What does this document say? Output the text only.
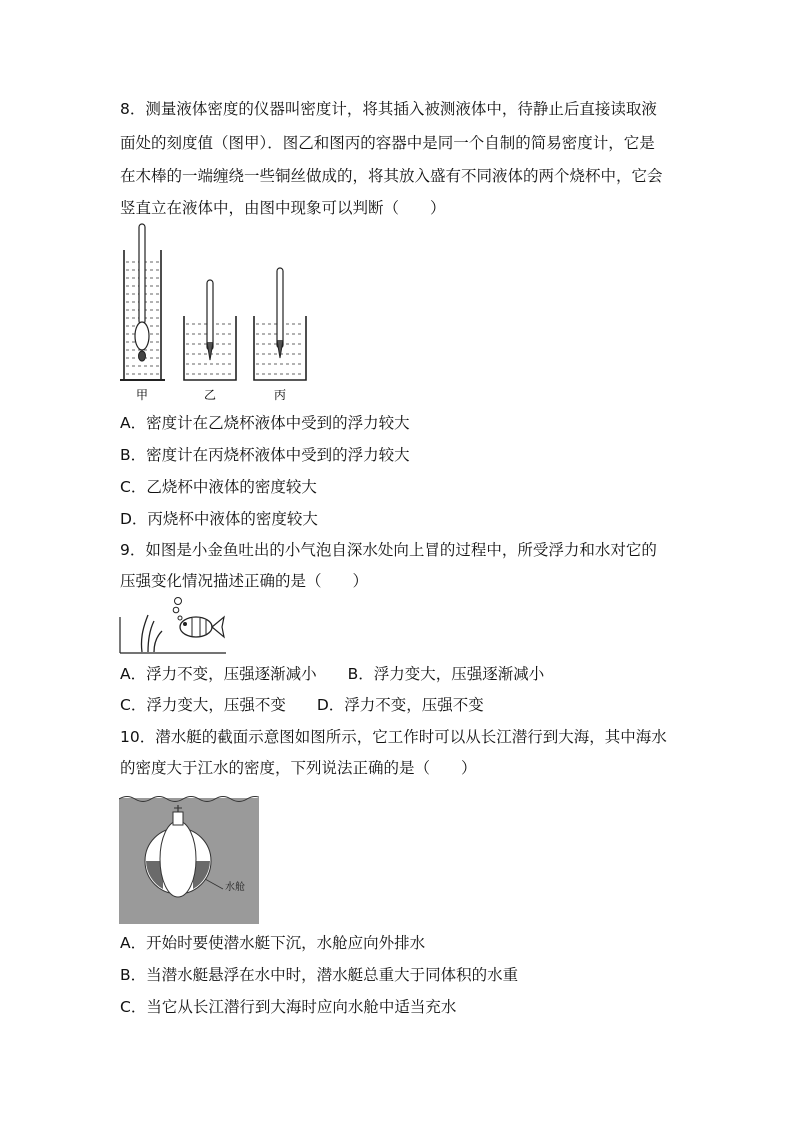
8．测量液体密度的仪器叫密度计，将其插入被测液体中，待静止后直接读取液
面处的刻度值（图甲）．图乙和图丙的容器中是同一个自制的简易密度计，它是
在木棒的一端缠绕一些铜丝做成的，将其放入盛有不同液体的两个烧杯中，它会
竖直立在液体中，由图中现象可以判断（　　）
甲	乙	丙
A．密度计在乙烧杯液体中受到的浮力较大
B．密度计在丙烧杯液体中受到的浮力较大
C．乙烧杯中液体的密度较大
D．丙烧杯中液体的密度较大
9．如图是小金鱼吐出的小气泡自深水处向上冒的过程中，所受浮力和水对它的
压强变化情况描述正确的是（　　）
A．浮力不变，压强逐渐减小　　B．浮力变大，压强逐渐减小
C．浮力变大，压强不变　　D．浮力不变，压强不变
10．潜水艇的截面示意图如图所示，它工作时可以从长江潜行到大海，其中海水
的密度大于江水的密度，下列说法正确的是（　　）
水舱
A．开始时要使潜水艇下沉，水舱应向外排水
B．当潜水艇悬浮在水中时，潜水艇总重大于同体积的水重
C．当它从长江潜行到大海时应向水舱中适当充水
